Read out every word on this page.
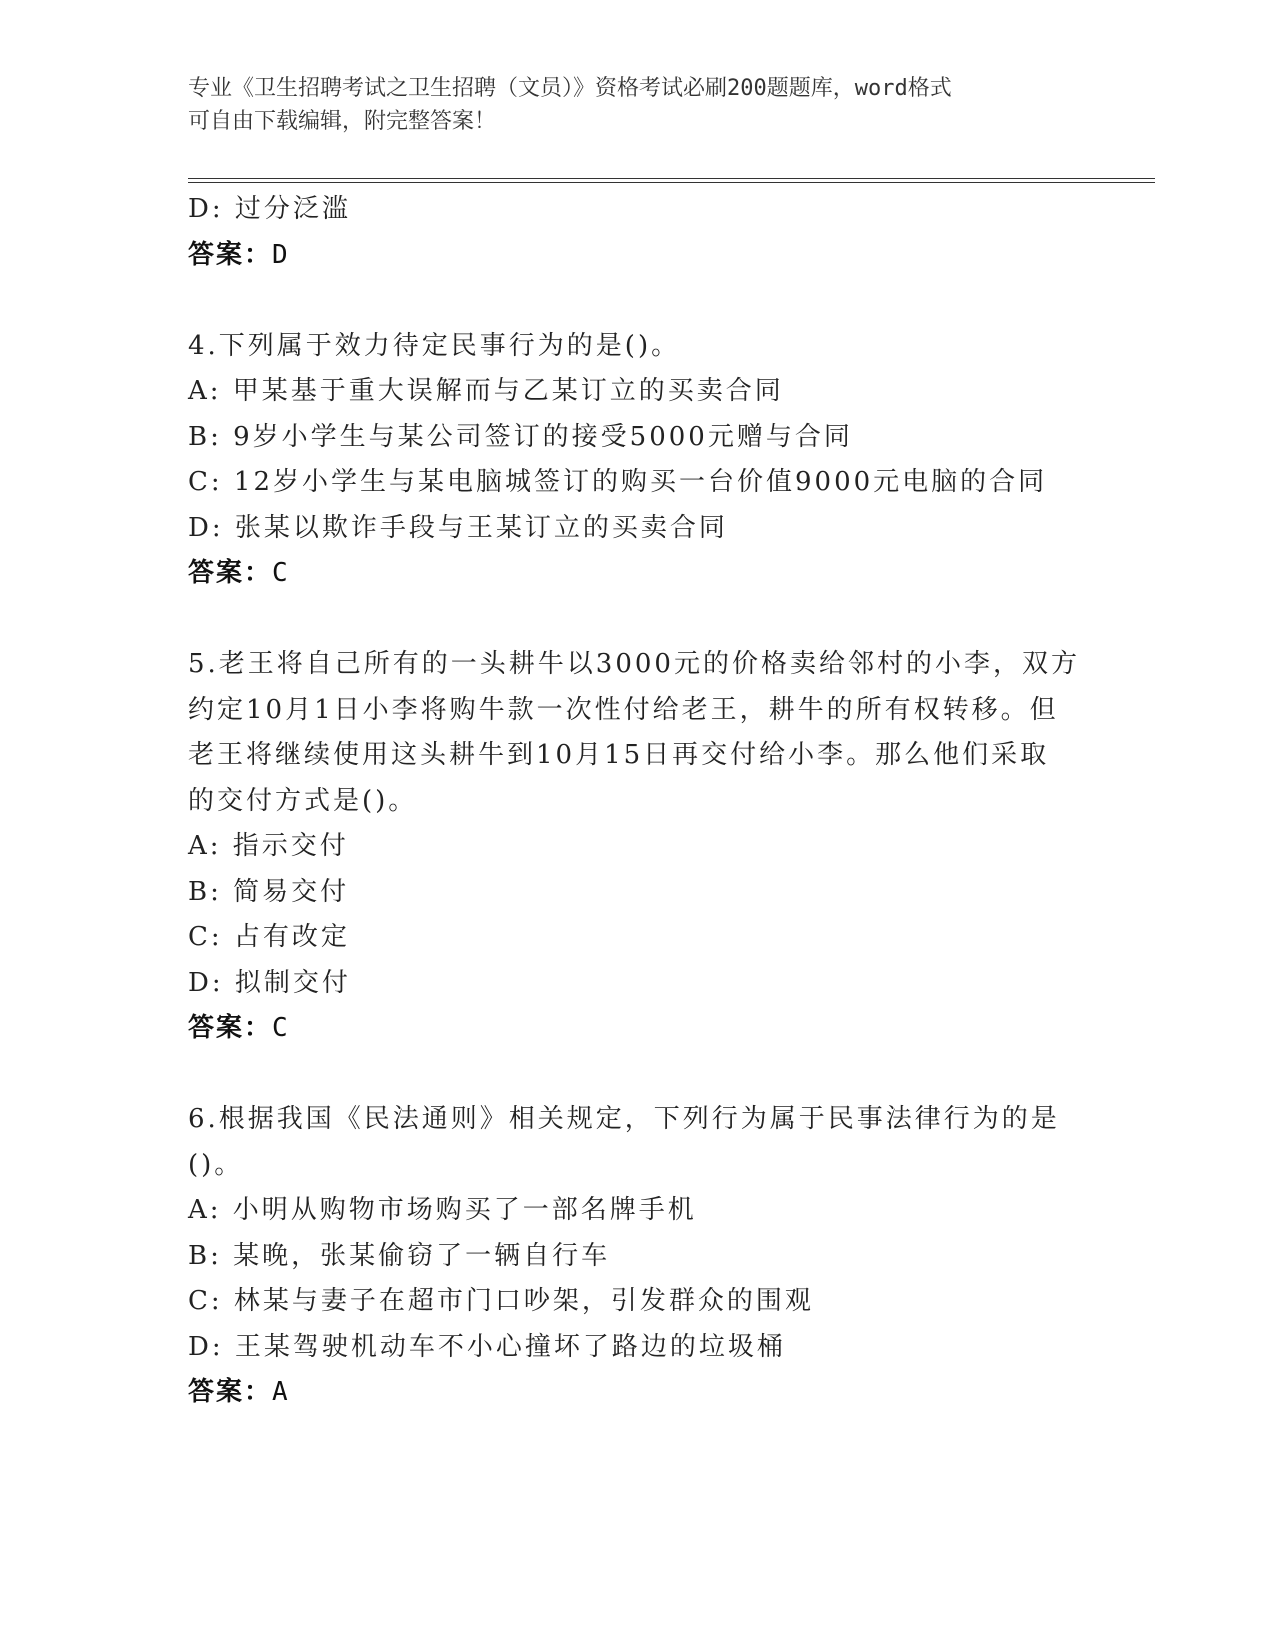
专业《卫生招聘考试之卫生招聘（文员）》资格考试必刷200题题库，word格式
可自由下载编辑，附完整答案！
D: 过分泛滥
答案：D
4.下列属于效力待定民事行为的是()。
A: 甲某基于重大误解而与乙某订立的买卖合同
B: 9岁小学生与某公司签订的接受5000元赠与合同
C: 12岁小学生与某电脑城签订的购买一台价值9000元电脑的合同
D: 张某以欺诈手段与王某订立的买卖合同
答案：C
5.老王将自己所有的一头耕牛以3000元的价格卖给邻村的小李，双方
约定10月1日小李将购牛款一次性付给老王，耕牛的所有权转移。但
老王将继续使用这头耕牛到10月15日再交付给小李。那么他们采取
的交付方式是()。
A: 指示交付
B: 简易交付
C: 占有改定
D: 拟制交付
答案：C
6.根据我国《民法通则》相关规定，下列行为属于民事法律行为的是
()。
A: 小明从购物市场购买了一部名牌手机
B: 某晚，张某偷窃了一辆自行车
C: 林某与妻子在超市门口吵架，引发群众的围观
D: 王某驾驶机动车不小心撞坏了路边的垃圾桶
答案：A
